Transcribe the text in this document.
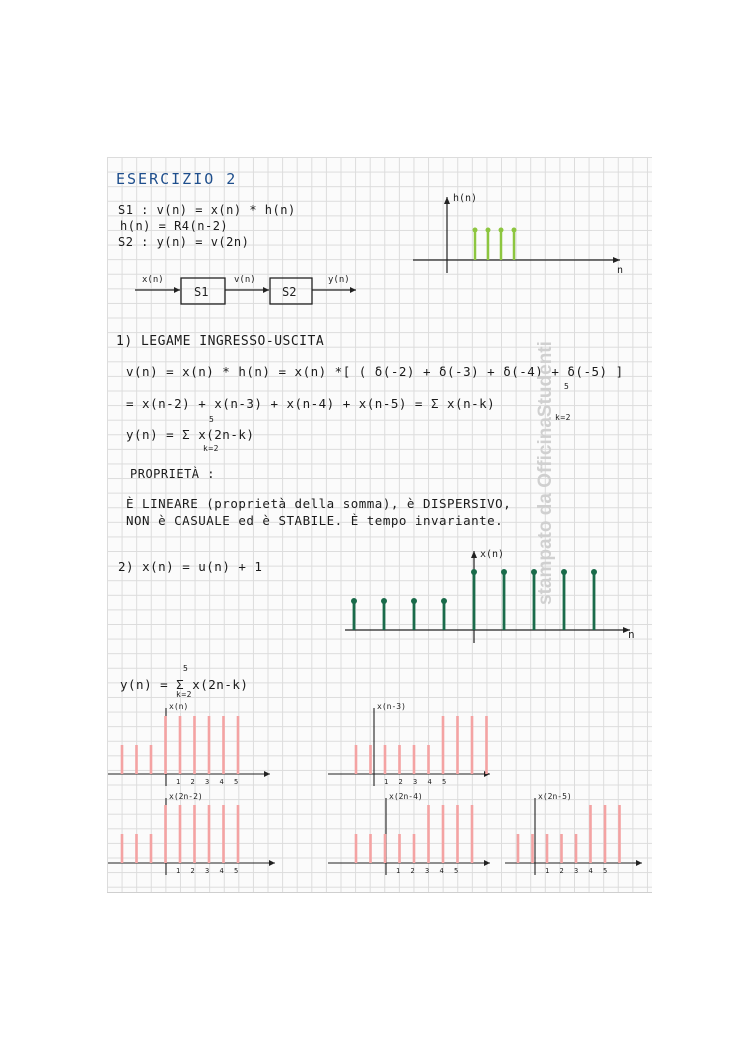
ESERCIZIO 2
S1 : v(n) = x(n) * h(n)
h(n) = R4(n-2)
S2 : y(n) = v(2n)
x(n)	v(n)	y(n)
S1	S2
h(n)
n
1) LEGAME INGRESSO-USCITA
v(n) = x(n) * h(n) = x(n) *[ ( δ(-2) + δ(-3) + δ(-4) + δ(-5) ]
= x(n-2) + x(n-3) + x(n-4) + x(n-5) = Σ x(n-k)
5
k=2
y(n) = Σ x(2n-k)
5
k=2
PROPRIETÀ :
È LINEARE (proprietà della somma), è DISPERSIVO,
NON è CASUALE ed è STABILE. È tempo invariante.
2) x(n) = u(n) + 1
x(n)
n
y(n) = Σ x(2n-k)
5
k=2
x(n)
1 2 3 4 5
x(n-3)
1 2 3 4 5
x(2n-2)
1 2 3 4 5
x(2n-4)
1 2 3 4 5
x(2n-5)
1 2 3 4 5
stampato da OfficinaStudenti
